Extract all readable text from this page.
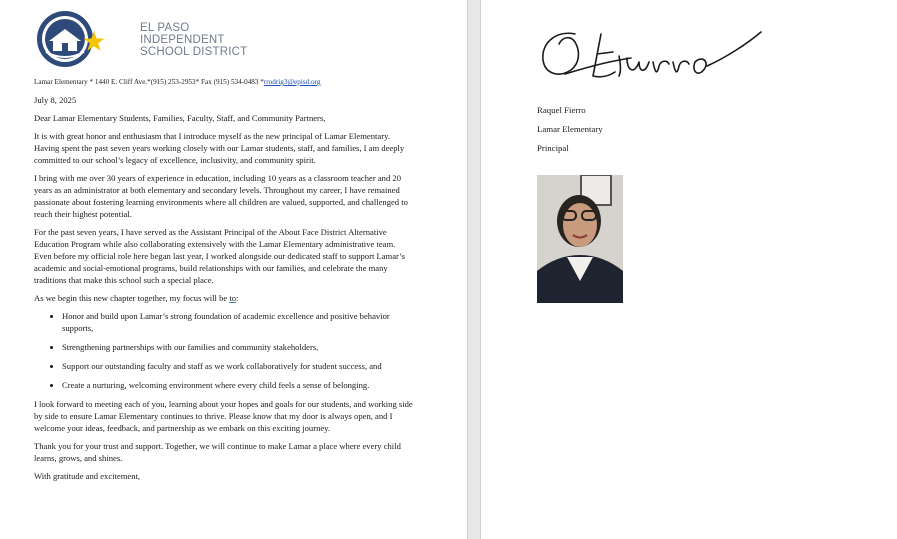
EL PASO
INDEPENDENT
SCHOOL DISTRICT
Lamar Elementary * 1440 E. Cliff Ave.*(915) 253-2953* Fax (915) 534-0483 *rrodrig3@episd.org

July 8, 2025

Dear Lamar Elementary Students, Families, Faculty, Staff, and Community Partners,

It is with great honor and enthusiasm that I introduce myself as the new principal of Lamar Elementary. Having spent the past seven years working closely with our Lamar students, staff, and families, I am deeply committed to our school’s legacy of excellence, inclusivity, and community spirit.

I bring with me over 30 years of experience in education, including 10 years as a classroom teacher and 20 years as an administrator at both elementary and secondary levels. Throughout my career, I have remained passionate about fostering learning environments where all children are valued, supported, and challenged to reach their highest potential.

For the past seven years, I have served as the Assistant Principal of the About Face District Alternative Education Program while also collaborating extensively with the Lamar Elementary administrative team. Even before my official role here began last year, I worked alongside our dedicated staff to support Lamar’s academic and social-emotional programs, build relationships with our families, and celebrate the many traditions that make this school such a special place.

As we begin this new chapter together, my focus will be to:

• Honor and build upon Lamar’s strong foundation of academic excellence and positive behavior supports,
• Strengthening partnerships with our families and community stakeholders,
• Support our outstanding faculty and staff as we work collaboratively for student success, and
• Create a nurturing, welcoming environment where every child feels a sense of belonging.

I look forward to meeting each of you, learning about your hopes and goals for our students, and working side by side to ensure Lamar Elementary continues to thrive. Please know that my door is always open, and I welcome your ideas, feedback, and partnership as we embark on this exciting journey.

Thank you for your trust and support. Together, we will continue to make Lamar a place where every child learns, grows, and shines.

With gratitude and excitement,

Raquel Fierro
Lamar Elementary
Principal
